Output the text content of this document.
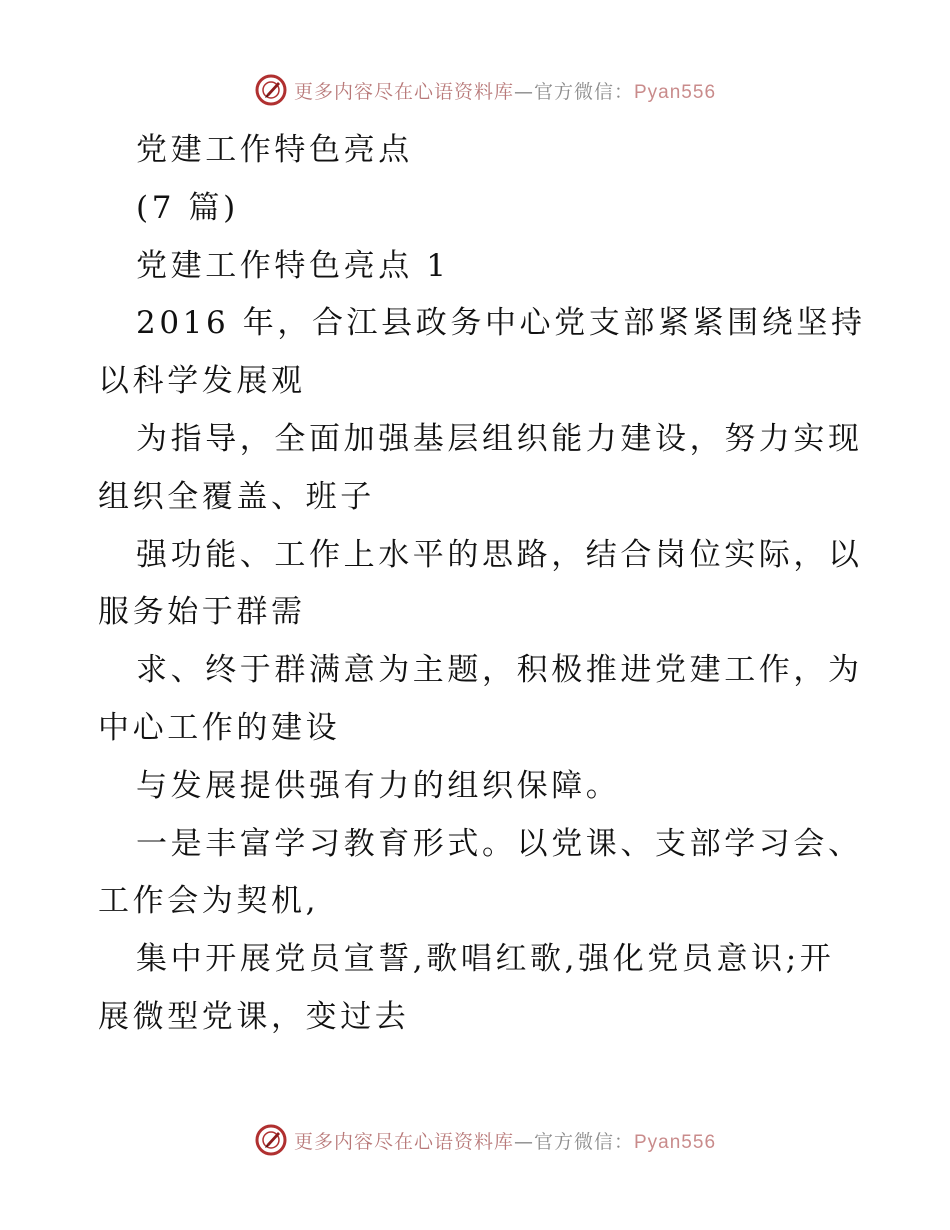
更多内容尽在心语资料库—官方微信：Pyan556
党建工作特色亮点
(7 篇)
党建工作特色亮点 1
2016 年，合江县政务中心党支部紧紧围绕坚持
以科学发展观
为指导，全面加强基层组织能力建设，努力实现
组织全覆盖、班子
强功能、工作上水平的思路，结合岗位实际，以
服务始于群需
求、终于群满意为主题，积极推进党建工作，为
中心工作的建设
与发展提供强有力的组织保障。
一是丰富学习教育形式。以党课、支部学习会、
工作会为契机,
集中开展党员宣誓,歌唱红歌,强化党员意识;开
展微型党课，变过去
更多内容尽在心语资料库—官方微信：Pyan556
